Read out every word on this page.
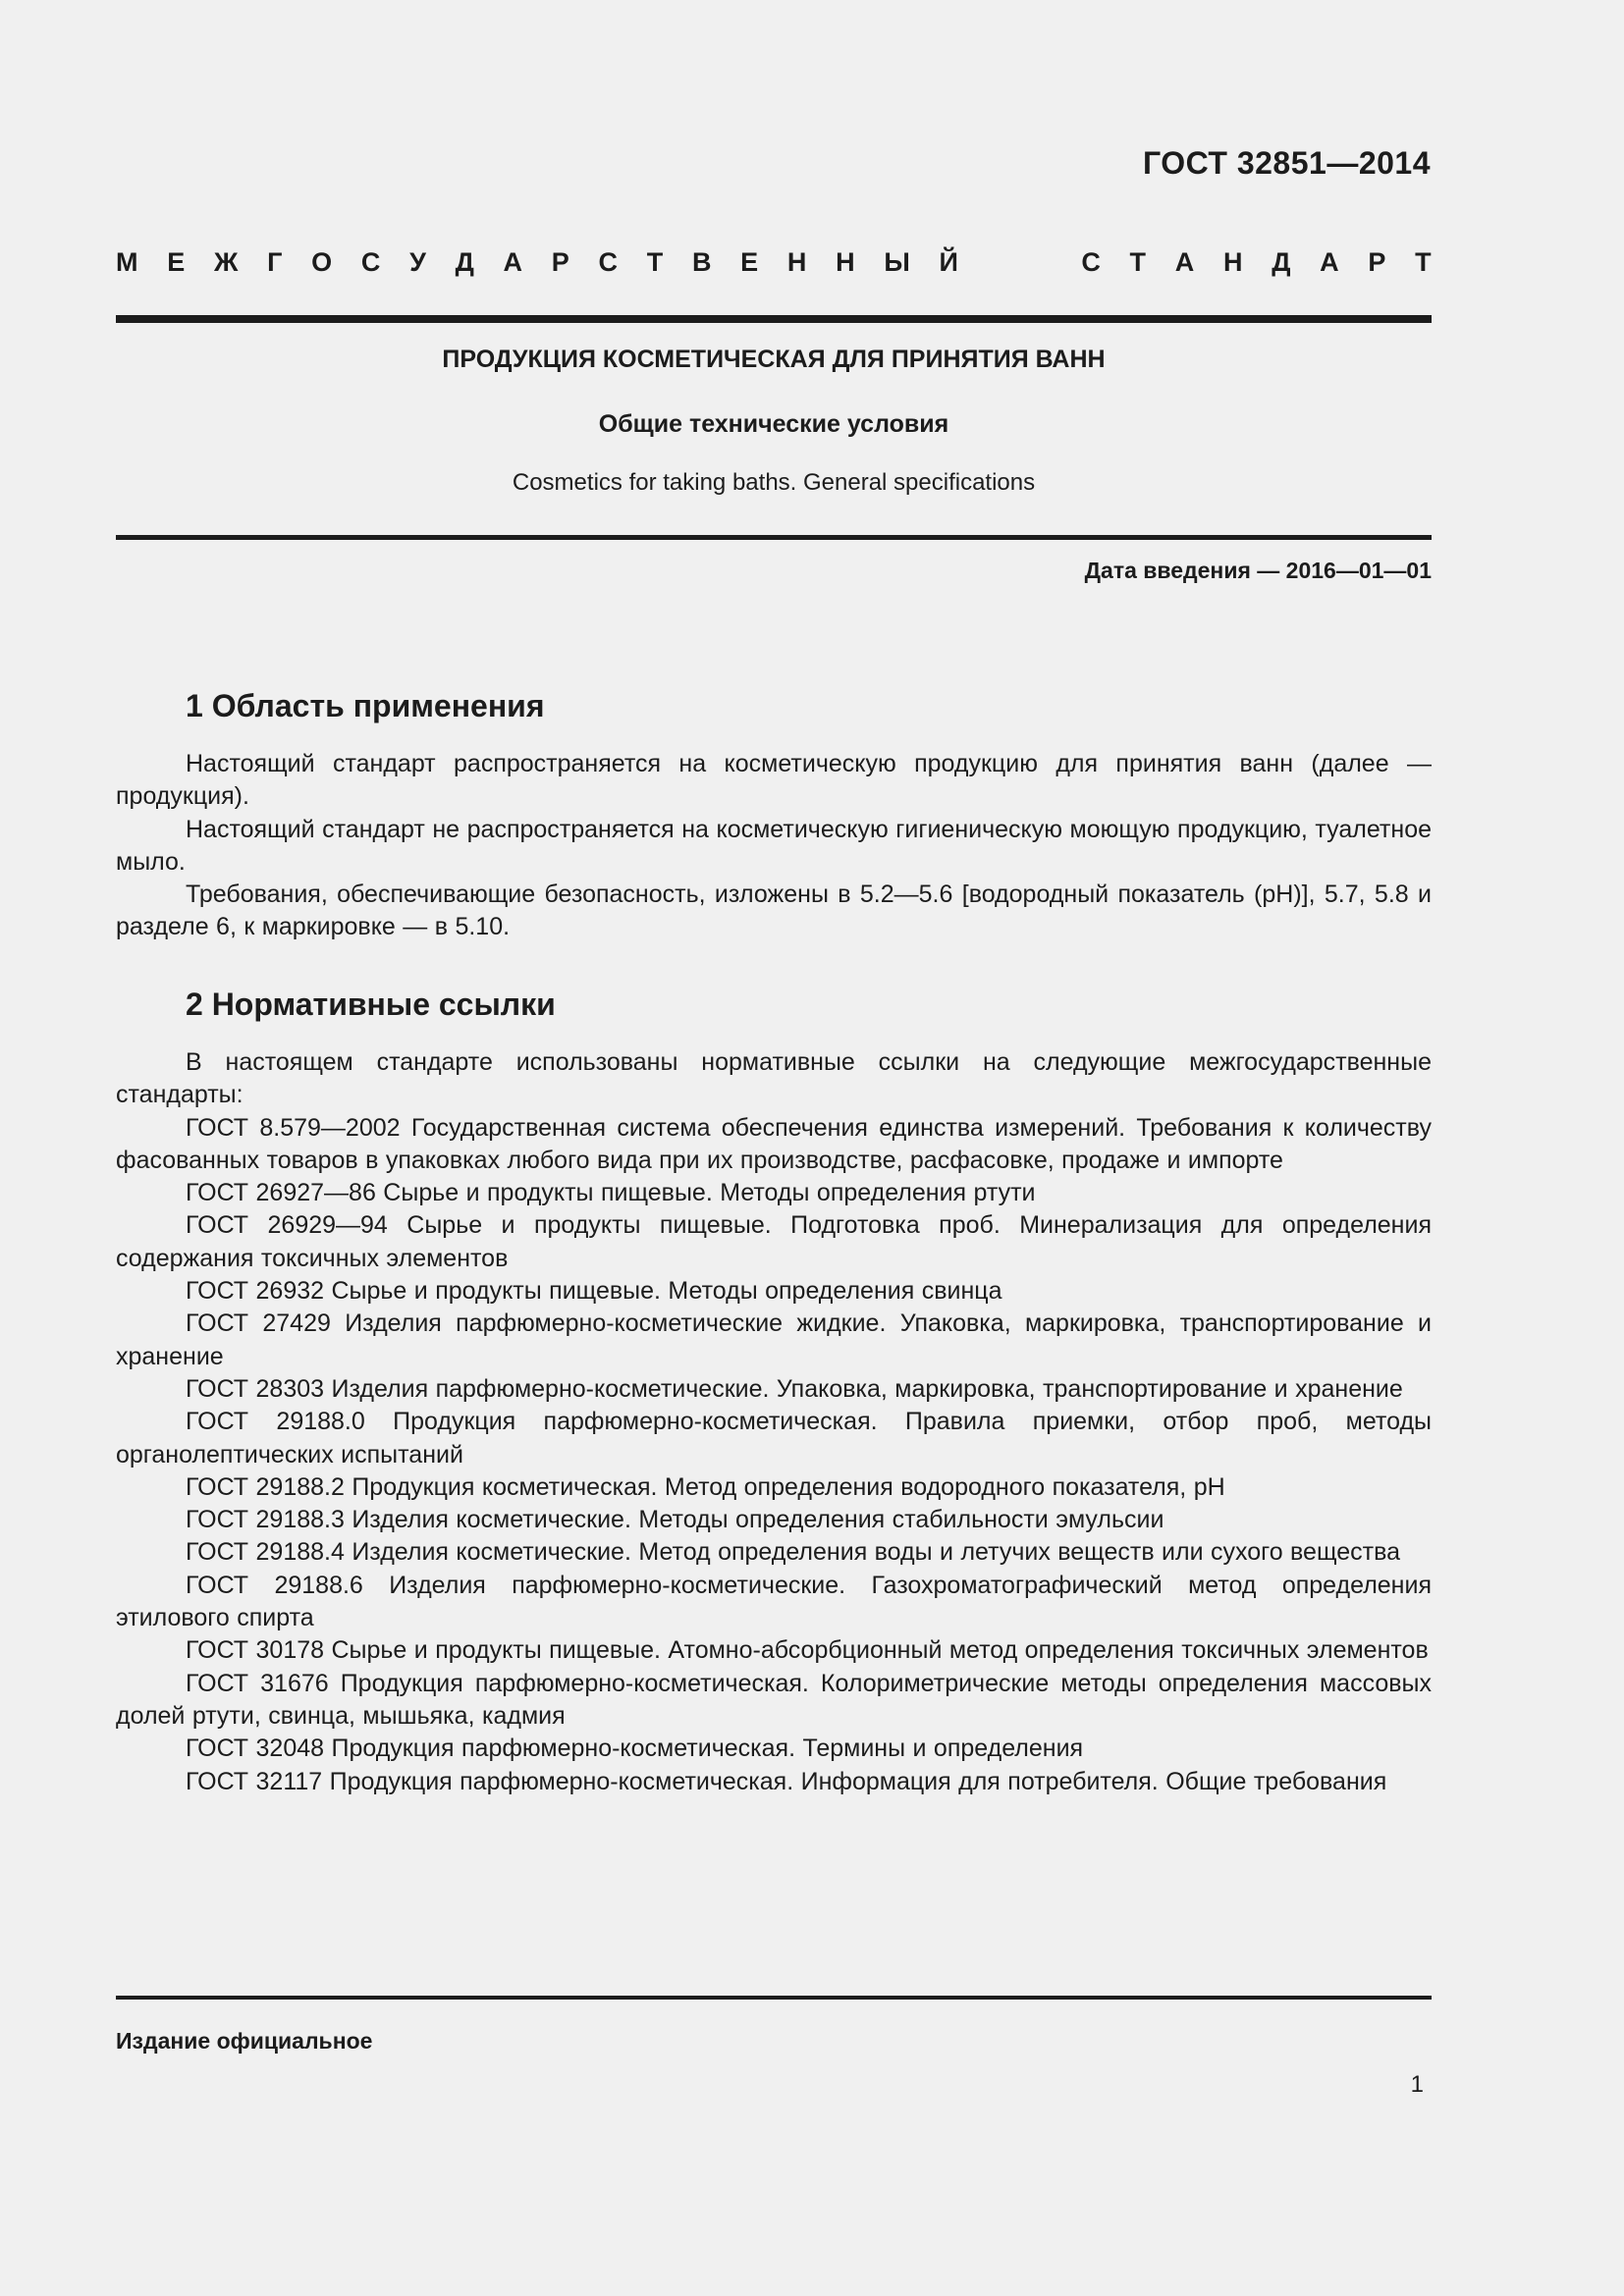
ГОСТ 32851—2014
М Е Ж Г О С У Д А Р С Т В Е Н Н Ы Й	С Т А Н Д А Р Т
ПРОДУКЦИЯ КОСМЕТИЧЕСКАЯ ДЛЯ ПРИНЯТИЯ ВАНН
Общие технические условия
Cosmetics for taking baths. General specifications
Дата введения — 2016—01—01
1 Область применения

Настоящий стандарт распространяется на косметическую продукцию для принятия ванн (далее — продукция).

Настоящий стандарт не распространяется на косметическую гигиеническую моющую продукцию, туалетное мыло.

Требования, обеспечивающие безопасность, изложены в 5.2—5.6 [водородный показатель (рН)], 5.7, 5.8 и разделе 6, к маркировке — в 5.10.

2 Нормативные ссылки

В настоящем стандарте использованы нормативные ссылки на следующие межгосударственные стандарты:

ГОСТ 8.579—2002 Государственная система обеспечения единства измерений. Требования к количеству фасованных товаров в упаковках любого вида при их производстве, расфасовке, продаже и импорте

ГОСТ 26927—86 Сырье и продукты пищевые. Методы определения ртути

ГОСТ 26929—94 Сырье и продукты пищевые. Подготовка проб. Минерализация для определения содержания токсичных элементов

ГОСТ 26932 Сырье и продукты пищевые. Методы определения свинца

ГОСТ 27429 Изделия парфюмерно-косметические жидкие. Упаковка, маркировка, транспортирование и хранение

ГОСТ 28303 Изделия парфюмерно-косметические. Упаковка, маркировка, транспортирование и хранение

ГОСТ 29188.0 Продукция парфюмерно-косметическая. Правила приемки, отбор проб, методы органолептических испытаний

ГОСТ 29188.2 Продукция косметическая. Метод определения водородного показателя, рН

ГОСТ 29188.3 Изделия косметические. Методы определения стабильности эмульсии

ГОСТ 29188.4 Изделия косметические. Метод определения воды и летучих веществ или сухого вещества

ГОСТ 29188.6 Изделия парфюмерно-косметические. Газохроматографический метод определения этилового спирта

ГОСТ 30178 Сырье и продукты пищевые. Атомно-абсорбционный метод определения токсичных элементов

ГОСТ 31676 Продукция парфюмерно-косметическая. Колориметрические методы определения массовых долей ртути, свинца, мышьяка, кадмия

ГОСТ 32048 Продукция парфюмерно-косметическая. Термины и определения

ГОСТ 32117 Продукция парфюмерно-косметическая. Информация для потребителя. Общие требования

Издание официальное
1
